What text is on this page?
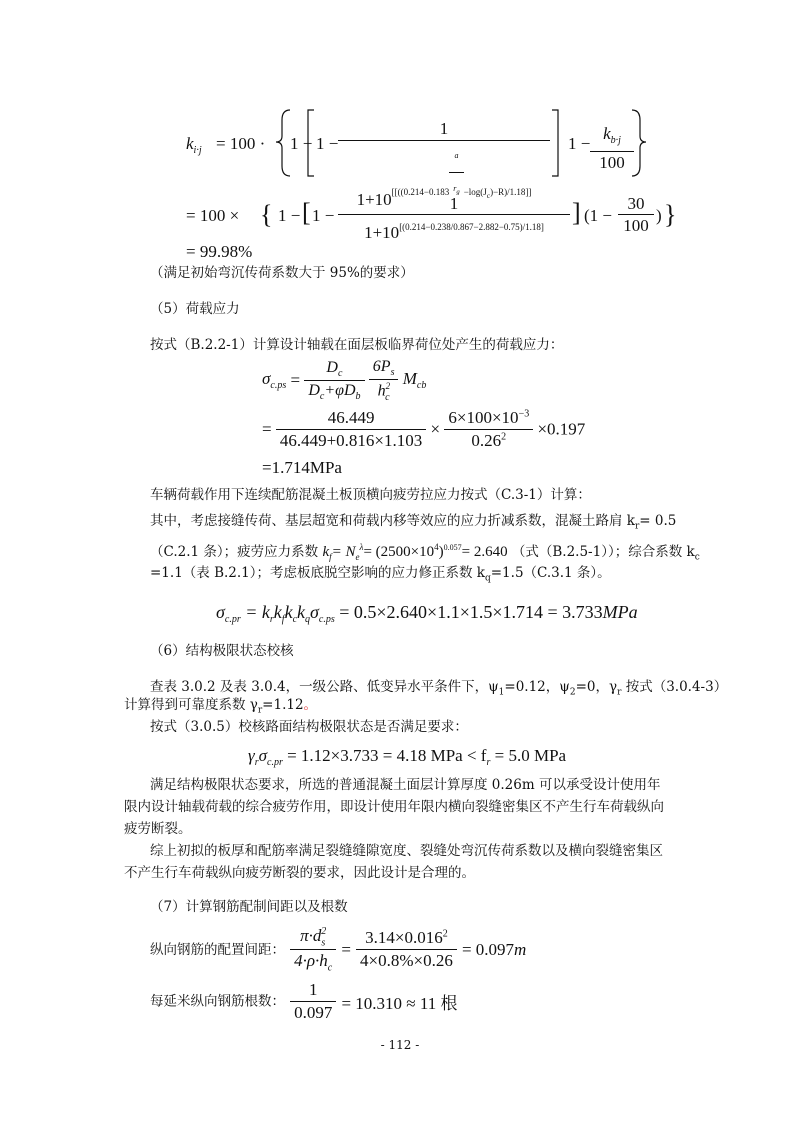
$k_{i\cdot j} = 100 \cdot 1 - 1$ −
1
1+10[[((0.214−0.183 a
rg −log(Jc)−R)/1.18]]
1 −
$k_{b\cdot j}$
100
= 100 × { 1 − [ 1 −
1
1+10[(0.214−0.238/0.867−2.882−0.75)/1.18]	] ($1 - \frac{30}{100}$ ) }
= 99.98%
（满足初始弯沉传荷系数大于 95%的要求）
（5）荷载应力
按式（B.2.2-1）计算设计轴载在面层板临界荷位处产生的荷载应力：
$\sigma_{c.ps} = \frac{D_c}{D_c+\varphi D_b}$
$\frac{6P_s}{h^2_c} M_{cb}$
= $\frac{46.449}{46.449+0.816\times 1.103} \times \frac{6\times 100\times 10^{-3}}{0.26^2} \times 0.197$
=1.714MPa
车辆荷载作用下连续配筋混凝土板顶横向疲劳拉应力按式（C.3-1）计算：
其中，考虑接缝传荷、基层超宽和荷载内移等效应的应力折减系数，混凝土路肩 $k_r= 0.5$
（C.2.1 条）；疲劳应力系数 $k_f= N_e^\lambda= (2500\times 10^4)^{0.057}= 2.640$ （式（B.2.5-1））；综合系数 $k_c$
=1.1（表 B.2.1）；考虑板底脱空影响的应力修正系数 $k_q=1.5(C.3.1$ 条）。
$\sigma_{c.pr} = k_rk_fk_ck_q\sigma_{c.ps} = 0.5\times 2.640\times 1.1\times 1.5\times 1.714 = 3.733MPa$
（6）结构极限状态校核
查表 3.0.2 及表 3.0.4，一级公路、低变异水平条件下，$\psi_1=0.12$，$\psi_2=0$，$\gamma_r$ 按式（3.0.4-3）
计算得到可靠度系数 $\gamma_r=1.12$。
按式（3.0.5）校核路面结构极限状态是否满足要求：
$\gamma_r\sigma_{c.pr} = 1.12\times 3.733 = 4.18$ MPa < $f_r = 5.0$ MPa
满足结构极限状态要求，所选的普通混凝土面层计算厚度 0.26m 可以承受设计使用年
限内设计轴载荷载的综合疲劳作用，即设计使用年限内横向裂缝密集区不产生行车荷载纵向
疲劳断裂。
综上初拟的板厚和配筋率满足裂缝缝隙宽度、裂缝处弯沉传荷系数以及横向裂缝密集区
不产生行车荷载纵向疲劳断裂的要求，因此设计是合理的。
（7）计算钢筋配制间距以及根数
纵向钢筋的配置间距： $\frac{\pi\cdot d_s^2}{4\cdot\rho\cdot h_c} = \frac{3.14\times 0.016^2}{4\times 0.8\%\times 0.26} = 0.097m$
每延米纵向钢筋根数： $\frac{1}{0.097} = 10.310 \approx 11$ 根
- 112 -
